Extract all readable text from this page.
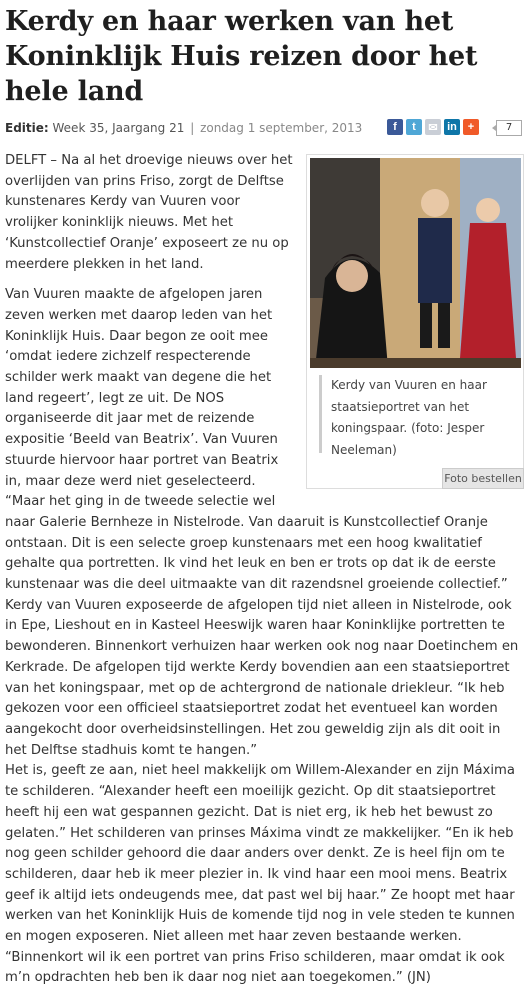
Kerdy en haar werken van het Koninklijk Huis reizen door het hele land
Editie: Week 35, Jaargang 21 | zondag 1 september, 2013	f	t	✉ in +	7
Kerdy van Vuuren en haar staatsieportret van het koningspaar. (foto: Jesper Neeleman)
Foto bestellen

DELFT – Na al het droevige nieuws over het overlijden van prins Friso, zorgt de Delftse kunstenares Kerdy van Vuuren voor vrolijker koninklijk nieuws. Met het ‘Kunstcollectief Oranje’ exposeert ze nu op meerdere plekken in het land.

Van Vuuren maakte de afgelopen jaren zeven werken met daarop leden van het Koninklijk Huis. Daar begon ze ooit mee ‘omdat iedere zichzelf respecterende schilder werk maakt van degene die het land regeert’, legt ze uit. De NOS organiseerde dit jaar met de reizende expositie ‘Beeld van Beatrix’. Van Vuuren stuurde hiervoor haar portret van Beatrix in, maar deze werd niet geselecteerd. “Maar het ging in de tweede selectie wel naar Galerie Bernheze in Nistelrode. Van daaruit is Kunstcollectief Oranje ontstaan. Dit is een selecte groep kunstenaars met een hoog kwalitatief gehalte qua portretten. Ik vind het leuk en ben er trots op dat ik de eerste kunstenaar was die deel uitmaakte van dit razendsnel groeiende collectief.”

Kerdy van Vuuren exposeerde de afgelopen tijd niet alleen in Nistelrode, ook in Epe, Lieshout en in Kasteel Heeswijk waren haar Koninklijke portretten te bewonderen. Binnenkort verhuizen haar werken ook nog naar Doetinchem en Kerkrade. De afgelopen tijd werkte Kerdy bovendien aan een staatsieportret van het koningspaar, met op de achtergrond de nationale driekleur. “Ik heb gekozen voor een officieel staatsieportret zodat het eventueel kan worden aangekocht door overheidsinstellingen. Het zou geweldig zijn als dit ooit in het Delftse stadhuis komt te hangen.”

Het is, geeft ze aan, niet heel makkelijk om Willem-Alexander en zijn Máxima te schilderen. “Alexander heeft een moeilijk gezicht. Op dit staatsieportret heeft hij een wat gespannen gezicht. Dat is niet erg, ik heb het bewust zo gelaten.” Het schilderen van prinses Máxima vindt ze makkelijker. “En ik heb nog geen schilder gehoord die daar anders over denkt. Ze is heel fijn om te schilderen, daar heb ik meer plezier in. Ik vind haar een mooi mens. Beatrix geef ik altijd iets ondeugends mee, dat past wel bij haar.” Ze hoopt met haar werken van het Koninklijk Huis de komende tijd nog in vele steden te kunnen en mogen exposeren. Niet alleen met haar zeven bestaande werken. “Binnenkort wil ik een portret van prins Friso schilderen, maar omdat ik ook m’n opdrachten heb ben ik daar nog niet aan toegekomen.” (JN)
